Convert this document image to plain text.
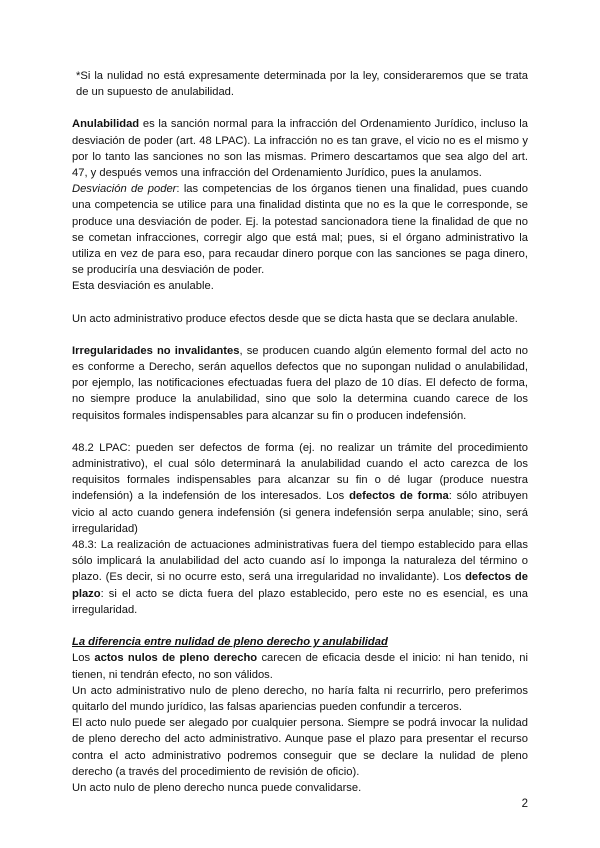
*Si la nulidad no está expresamente determinada por la ley, consideraremos que se trata de un supuesto de anulabilidad.

Anulabilidad es la sanción normal para la infracción del Ordenamiento Jurídico, incluso la desviación de poder (art. 48 LPAC). La infracción no es tan grave, el vicio no es el mismo y por lo tanto las sanciones no son las mismas. Primero descartamos que sea algo del art. 47, y después vemos una infracción del Ordenamiento Jurídico, pues la anulamos.

Desviación de poder: las competencias de los órganos tienen una finalidad, pues cuando una competencia se utilice para una finalidad distinta que no es la que le corresponde, se produce una desviación de poder. Ej. la potestad sancionadora tiene la finalidad de que no se cometan infracciones, corregir algo que está mal; pues, si el órgano administrativo la utiliza en vez de para eso, para recaudar dinero porque con las sanciones se paga dinero, se produciría una desviación de poder.

Esta desviación es anulable.

Un acto administrativo produce efectos desde que se dicta hasta que se declara anulable.

Irregularidades no invalidantes, se producen cuando algún elemento formal del acto no es conforme a Derecho, serán aquellos defectos que no supongan nulidad o anulabilidad, por ejemplo, las notificaciones efectuadas fuera del plazo de 10 días. El defecto de forma, no siempre produce la anulabilidad, sino que solo la determina cuando carece de los requisitos formales indispensables para alcanzar su fin o producen indefensión.

48.2 LPAC: pueden ser defectos de forma (ej. no realizar un trámite del procedimiento administrativo), el cual sólo determinará la anulabilidad cuando el acto carezca de los requisitos formales indispensables para alcanzar su fin o dé lugar (produce nuestra indefensión) a la indefensión de los interesados. Los defectos de forma: sólo atribuyen vicio al acto cuando genera indefensión (si genera indefensión serpa anulable; sino, será irregularidad)

48.3: La realización de actuaciones administrativas fuera del tiempo establecido para ellas sólo implicará la anulabilidad del acto cuando así lo imponga la naturaleza del término o plazo. (Es decir, si no ocurre esto, será una irregularidad no invalidante). Los defectos de plazo: si el acto se dicta fuera del plazo establecido, pero este no es esencial, es una irregularidad.

La diferencia entre nulidad de pleno derecho y anulabilidad

Los actos nulos de pleno derecho carecen de eficacia desde el inicio: ni han tenido, ni tienen, ni tendrán efecto, no son válidos.

Un acto administrativo nulo de pleno derecho, no haría falta ni recurrirlo, pero preferimos quitarlo del mundo jurídico, las falsas apariencias pueden confundir a terceros.

El acto nulo puede ser alegado por cualquier persona. Siempre se podrá invocar la nulidad de pleno derecho del acto administrativo. Aunque pase el plazo para presentar el recurso contra el acto administrativo podremos conseguir que se declare la nulidad de pleno derecho (a través del procedimiento de revisión de oficio).

Un acto nulo de pleno derecho nunca puede convalidarse.

2
